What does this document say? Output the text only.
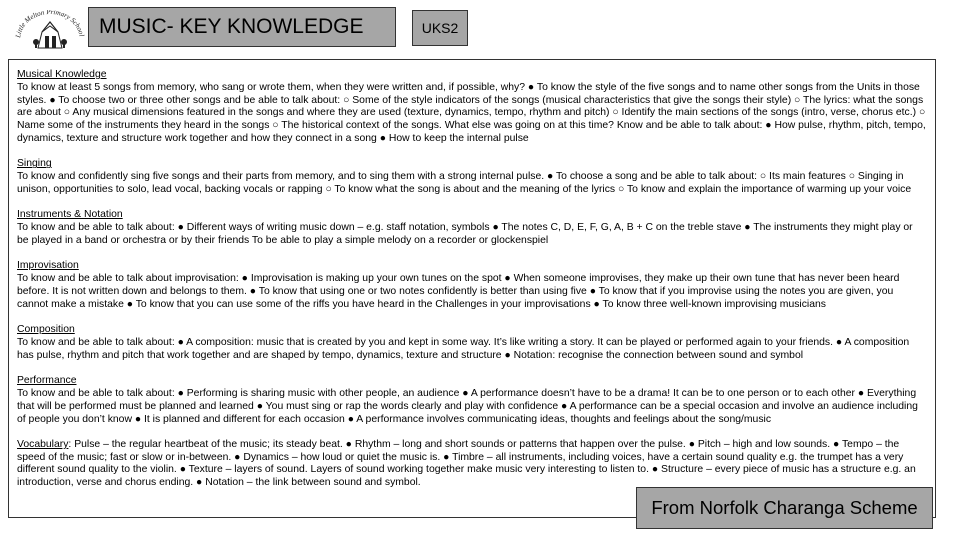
Little Melton Primary School MUSIC- KEY KNOWLEDGE	UKS2
Musical Knowledge
To know at least 5 songs from memory, who sang or wrote them, when they were written and, if possible, why? ● To know the style of the five songs and to name other songs from the Units in those styles. ● To choose two or three other songs and be able to talk about: ○ Some of the style indicators of the songs (musical characteristics that give the songs their style) ○ The lyrics: what the songs are about ○ Any musical dimensions featured in the songs and where they are used (texture, dynamics, tempo, rhythm and pitch) ○ Identify the main sections of the songs (intro, verse, chorus etc.) ○ Name some of the instruments they heard in the songs ○ The historical context of the songs. What else was going on at this time? Know and be able to talk about: ● How pulse, rhythm, pitch, tempo, dynamics, texture and structure work together and how they connect in a song ● How to keep the internal pulse
Singing
To know and confidently sing five songs and their parts from memory, and to sing them with a strong internal pulse. ● To choose a song and be able to talk about: ○ Its main features ○ Singing in unison, opportunities to solo, lead vocal, backing vocals or rapping ○ To know what the song is about and the meaning of the lyrics ○ To know and explain the importance of warming up your voice
Instruments & Notation
To know and be able to talk about: ● Different ways of writing music down – e.g. staff notation, symbols ● The notes C, D, E, F, G, A, B + C on the treble stave ● The instruments they might play or be played in a band or orchestra or by their friends To be able to play a simple melody on a recorder or glockenspiel
Improvisation
To know and be able to talk about improvisation: ● Improvisation is making up your own tunes on the spot ● When someone improvises, they make up their own tune that has never been heard before. It is not written down and belongs to them. ● To know that using one or two notes confidently is better than using five ● To know that if you improvise using the notes you are given, you cannot make a mistake ● To know that you can use some of the riffs you have heard in the Challenges in your improvisations ● To know three well-known improvising musicians
Composition
To know and be able to talk about: ● A composition: music that is created by you and kept in some way. It’s like writing a story. It can be played or performed again to your friends. ● A composition has pulse, rhythm and pitch that work together and are shaped by tempo, dynamics, texture and structure ● Notation: recognise the connection between sound and symbol
Performance
To know and be able to talk about: ● Performing is sharing music with other people, an audience ● A performance doesn’t have to be a drama! It can be to one person or to each other ● Everything that will be performed must be planned and learned ● You must sing or rap the words clearly and play with confidence ● A performance can be a special occasion and involve an audience including of people you don’t know ● It is planned and different for each occasion ● A performance involves communicating ideas, thoughts and feelings about the song/music
Vocabulary: Pulse – the regular heartbeat of the music; its steady beat. ● Rhythm – long and short sounds or patterns that happen over the pulse. ● Pitch – high and low sounds. ● Tempo – the speed of the music; fast or slow or in-between. ● Dynamics – how loud or quiet the music is. ● Timbre – all instruments, including voices, have a certain sound quality e.g. the trumpet has a very different sound quality to the violin. ● Texture – layers of sound. Layers of sound working together make music very interesting to listen to. ● Structure – every piece of music has a structure e.g. an introduction, verse and chorus ending. ● Notation – the link between sound and symbol.
From Norfolk Charanga Scheme
